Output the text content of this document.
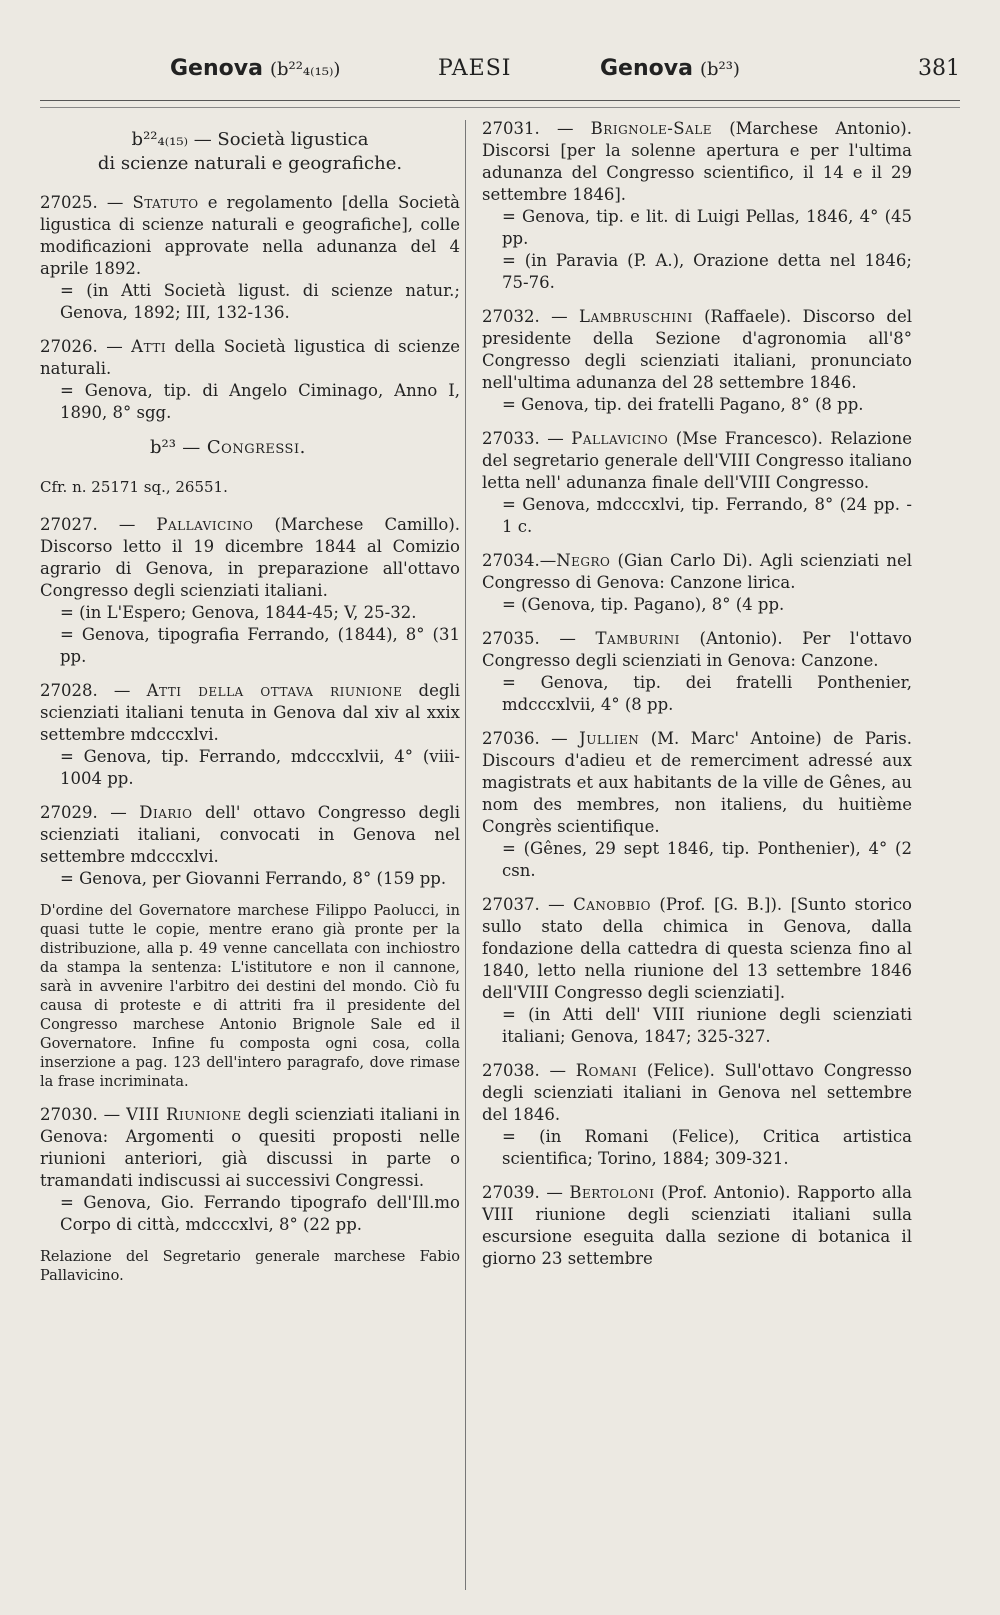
Genova (b²²₄₍₁₅₎)	PAESI	Genova (b²³)	381
b²²₄₍₁₅₎ — Società ligustica
di scienze naturali e geografiche.

27025. — Statuto e regolamento [della Società ligustica di scienze naturali e geografiche], colle modificazioni approvate nella adunanza del 4 aprile 1892.

= (in Atti Società ligust. di scienze natur.; Genova, 1892; III, 132-136.

27026. — Atti della Società ligustica di scienze naturali.

= Genova, tip. di Angelo Ciminago, Anno I, 1890, 8° sgg.

b²³ — Congressi.
Cfr. n. 25171 sq., 26551.

27027. — Pallavicino (Marchese Camillo). Discorso letto il 19 dicembre 1844 al Comizio agrario di Genova, in preparazione all'ottavo Congresso degli scienziati italiani.

= (in L'Espero; Genova, 1844-45; V, 25-32.

= Genova, tipografia Ferrando, (1844), 8° (31 pp.

27028. — Atti della ottava riunione degli scienziati italiani tenuta in Genova dal xiv al xxix settembre mdcccxlvi.

= Genova, tip. Ferrando, mdcccxlvii, 4° (viii-1004 pp.

27029. — Diario dell' ottavo Congresso degli scienziati italiani, convocati in Genova nel settembre mdcccxlvi.

= Genova, per Giovanni Ferrando, 8° (159 pp.

D'ordine del Governatore marchese Filippo Paolucci, in quasi tutte le copie, mentre erano già pronte per la distribuzione, alla p. 49 venne cancellata con inchiostro da stampa la sentenza: L'istitutore e non il cannone, sarà in avvenire l'arbitro dei destini del mondo. Ciò fu causa di proteste e di attriti fra il presidente del Congresso marchese Antonio Brignole Sale ed il Governatore. Infine fu composta ogni cosa, colla inserzione a pag. 123 dell'intero paragrafo, dove rimase la frase incriminata.

27030. — VIII Riunione degli scienziati italiani in Genova: Argomenti o quesiti proposti nelle riunioni anteriori, già discussi in parte o tramandati indiscussi ai successivi Congressi.

= Genova, Gio. Ferrando tipografo dell'Ill.mo Corpo di città, mdcccxlvi, 8° (22 pp.

Relazione del Segretario generale marchese Fabio Pallavicino.

27031. — Brignole-Sale (Marchese Antonio). Discorsi [per la solenne apertura e per l'ultima adunanza del Congresso scientifico, il 14 e il 29 settembre 1846].

= Genova, tip. e lit. di Luigi Pellas, 1846, 4° (45 pp.

= (in Paravia (P. A.), Orazione detta nel 1846; 75-76.

27032. — Lambruschini (Raffaele). Discorso del presidente della Sezione d'agronomia all'8° Congresso degli scienziati italiani, pronunciato nell'ultima adunanza del 28 settembre 1846.

= Genova, tip. dei fratelli Pagano, 8° (8 pp.

27033. — Pallavicino (Mse Francesco). Relazione del segretario generale dell'VIII Congresso italiano letta nell' adunanza finale dell'VIII Congresso.

= Genova, mdcccxlvi, tip. Ferrando, 8° (24 pp. - 1 c.

27034.—Negro (Gian Carlo Di). Agli scienziati nel Congresso di Genova: Canzone lirica.

= (Genova, tip. Pagano), 8° (4 pp.

27035. — Tamburini (Antonio). Per l'ottavo Congresso degli scienziati in Genova: Canzone.

= Genova, tip. dei fratelli Ponthenier, mdcccxlvii, 4° (8 pp.

27036. — Jullien (M. Marc' Antoine) de Paris. Discours d'adieu et de remerciment adressé aux magistrats et aux habitants de la ville de Gênes, au nom des membres, non italiens, du huitième Congrès scientifique.

= (Gênes, 29 sept 1846, tip. Ponthenier), 4° (2 csn.

27037. — Canobbio (Prof. [G. B.]). [Sunto storico sullo stato della chimica in Genova, dalla fondazione della cattedra di questa scienza fino al 1840, letto nella riunione del 13 settembre 1846 dell'VIII Congresso degli scienziati].

= (in Atti dell' VIII riunione degli scienziati italiani; Genova, 1847; 325-327.

27038. — Romani (Felice). Sull'ottavo Congresso degli scienziati italiani in Genova nel settembre del 1846.

= (in Romani (Felice), Critica artistica scientifica; Torino, 1884; 309-321.

27039. — Bertoloni (Prof. Antonio). Rapporto alla VIII riunione degli scienziati italiani sulla escursione eseguita dalla sezione di botanica il giorno 23 settembre
